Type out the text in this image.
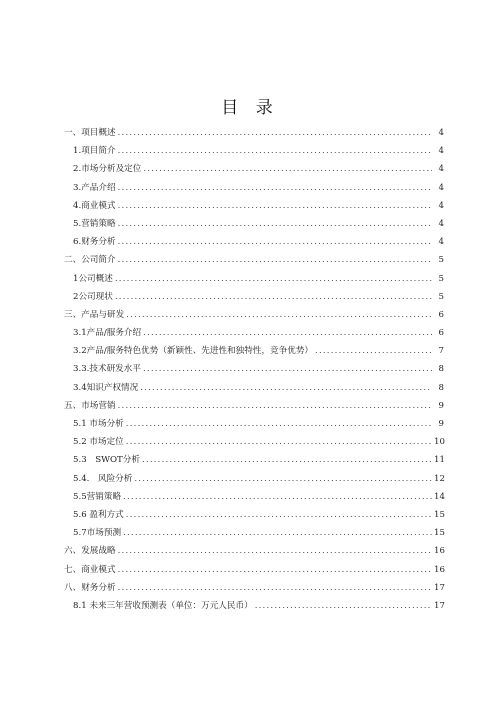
目 录
一、项目概述 .....	4
1.项目简介 .....	4
2.市场分析及定位 .....	4
3.产品介绍 .....	4
4.商业模式 .....	4
5.营销策略 .....	4
6.财务分析 .....	4
二、公司简介 .....	5
1公司概述 .....	5
2公司现状 .....	5
三、产品与研发 .....	6
3.1产品/服务介绍 .....	6
3.2产品/服务特色优势（新颖性、先进性和独特性，竞争优势） .....	7
3.3.技术研发水平 .....	8
3.4知识产权情况 .....	8
五、市场营销 .....	9
5.1 市场分析 .....	9
5.2 市场定位 .....	10
5.3　SWOT分析 .....	11
5.4.　风险分析 .....	12
5.5营销策略 .....	14
5.6 盈利方式 .....	15
5.7市场预测 .....	15
六、发展战略 .....	16
七、商业模式 .....	16
八、财务分析 .....	17
8.1 未来三年营收预测表（单位：万元人民币） .....	17
